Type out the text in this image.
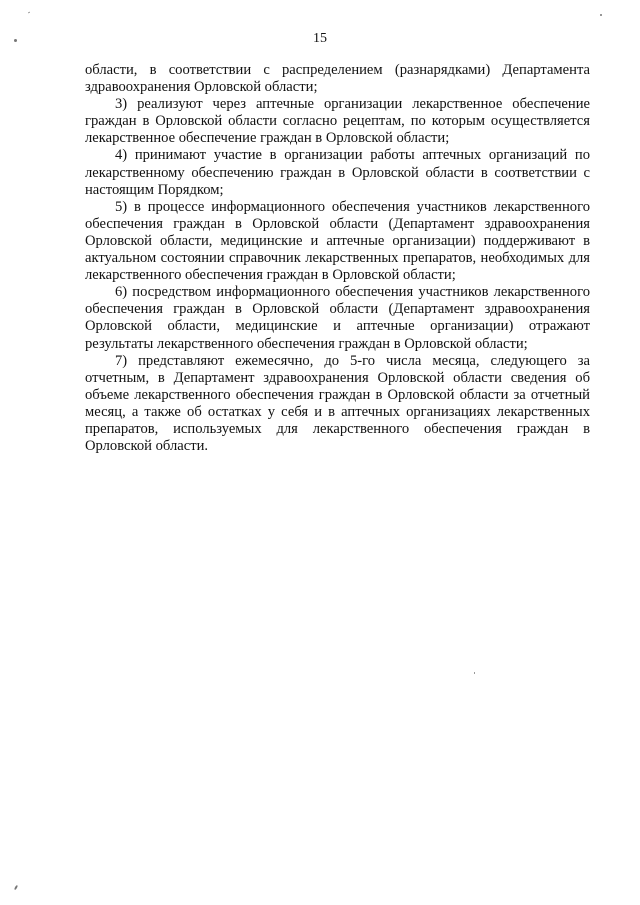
15

области, в соответствии с распределением (разнарядками) Департамента здравоохранения Орловской области;

3) реализуют через аптечные организации лекарственное обеспечение граждан в Орловской области согласно рецептам, по которым осуществляется лекарственное обеспечение граждан в Орловской области;

4) принимают участие в организации работы аптечных организаций по лекарственному обеспечению граждан в Орловской области в соответствии с настоящим Порядком;

5) в процессе информационного обеспечения участников лекарственного обеспечения граждан в Орловской области (Департамент здравоохранения Орловской области, медицинские и аптечные организации) поддерживают в актуальном состоянии справочник лекарственных препаратов, необходимых для лекарственного обеспечения граждан в Орловской области;

6) посредством информационного обеспечения участников лекарственного обеспечения граждан в Орловской области (Департамент здравоохранения Орловской области, медицинские и аптечные организации) отражают результаты лекарственного обеспечения граждан в Орловской области;

7) представляют ежемесячно, до 5-го числа месяца, следующего за отчетным, в Департамент здравоохранения Орловской области сведения об объеме лекарственного обеспечения граждан в Орловской области за отчетный месяц, а также об остатках у себя и в аптечных организациях лекарственных препаратов, используемых для лекарственного обеспечения граждан в Орловской области.
